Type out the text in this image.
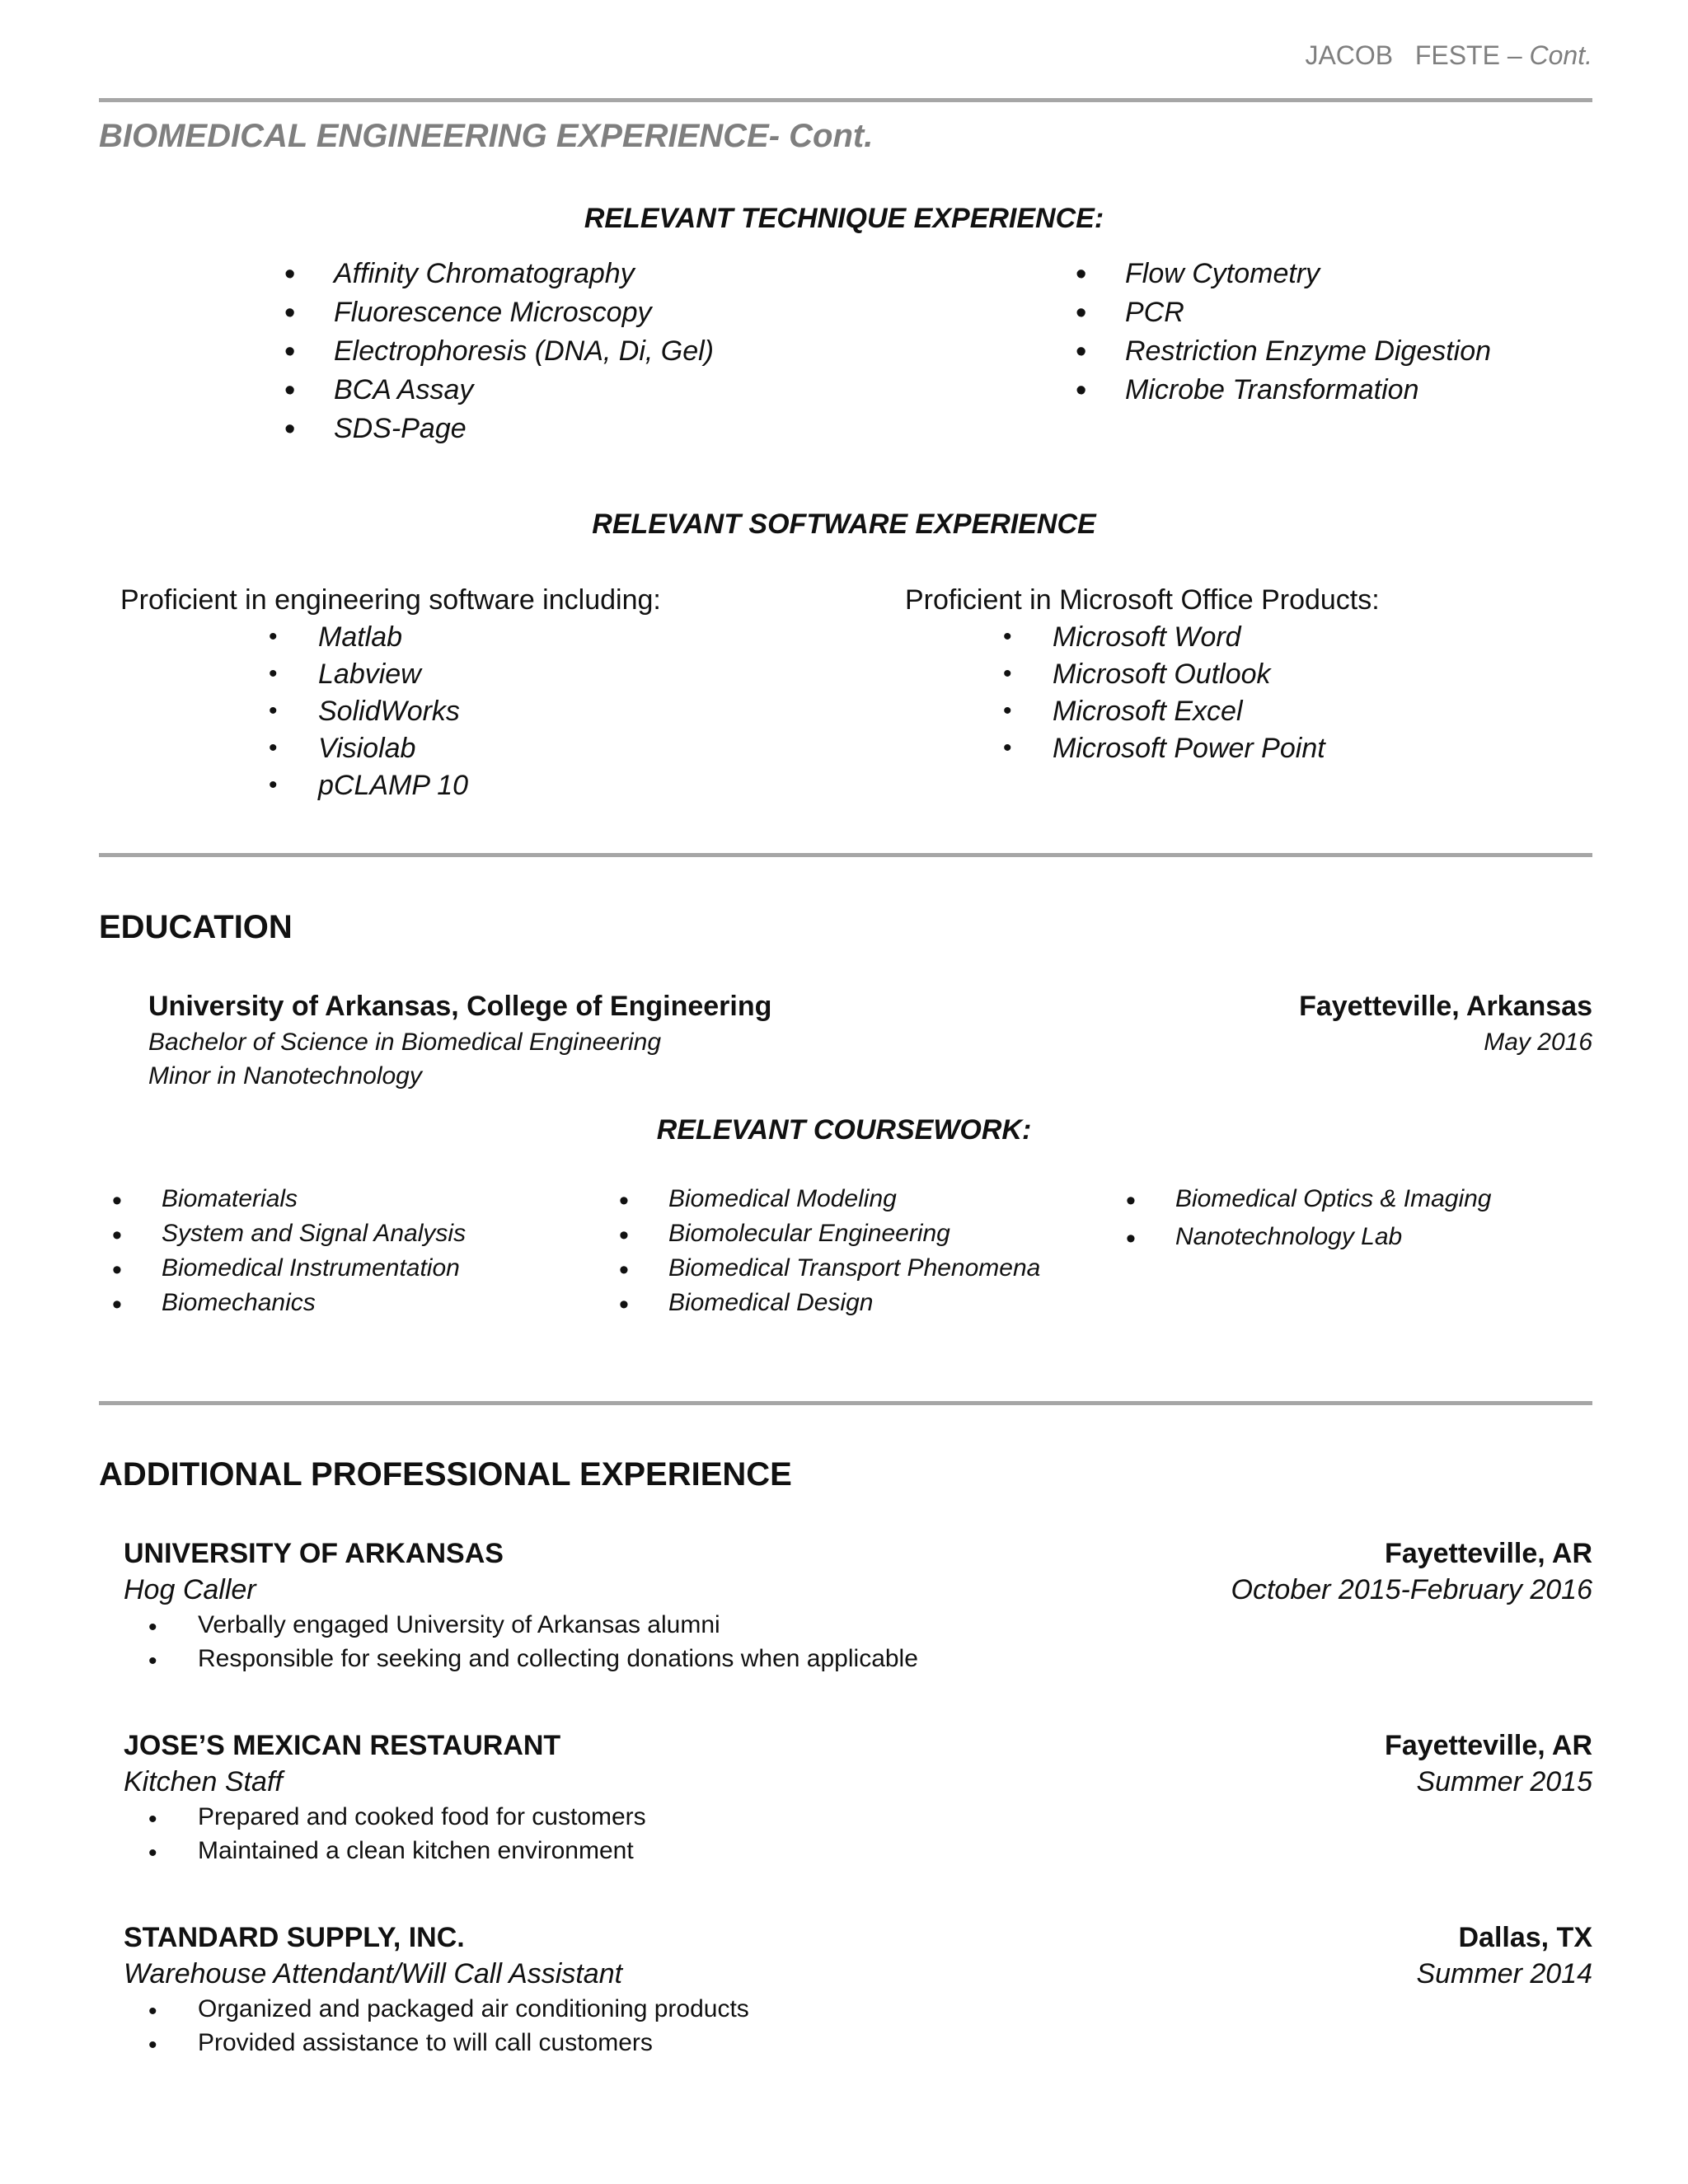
JACOB   FESTE – Cont.
BIOMEDICAL ENGINEERING EXPERIENCE- Cont.
RELEVANT TECHNIQUE EXPERIENCE:
• Affinity Chromatography
• Fluorescence Microscopy
• Electrophoresis (DNA, Di, Gel)
• BCA Assay
• SDS-Page
• Flow Cytometry
• PCR
• Restriction Enzyme Digestion
• Microbe Transformation
RELEVANT SOFTWARE EXPERIENCE
Proficient in engineering software including:
• Matlab
• Labview
• SolidWorks
• Visiolab
• pCLAMP 10
Proficient in Microsoft Office Products:
• Microsoft Word
• Microsoft Outlook
• Microsoft Excel
• Microsoft Power Point
EDUCATION
University of Arkansas, College of Engineering	Fayetteville, Arkansas
Bachelor of Science in Biomedical Engineering	May 2016
Minor in Nanotechnology
RELEVANT COURSEWORK:
• Biomaterials
• System and Signal Analysis
• Biomedical Instrumentation
• Biomechanics
• Biomedical Modeling
• Biomolecular Engineering
• Biomedical Transport Phenomena
• Biomedical Design
• Biomedical Optics & Imaging
• Nanotechnology Lab
ADDITIONAL PROFESSIONAL EXPERIENCE
UNIVERSITY OF ARKANSAS	Fayetteville, AR
Hog Caller	October 2015-February 2016
• Verbally engaged University of Arkansas alumni
• Responsible for seeking and collecting donations when applicable
JOSE’S MEXICAN RESTAURANT	Fayetteville, AR
Kitchen Staff	Summer 2015
• Prepared and cooked food for customers
• Maintained a clean kitchen environment
STANDARD SUPPLY, INC.	Dallas, TX
Warehouse Attendant/Will Call Assistant	Summer 2014
• Organized and packaged air conditioning products
• Provided assistance to will call customers
